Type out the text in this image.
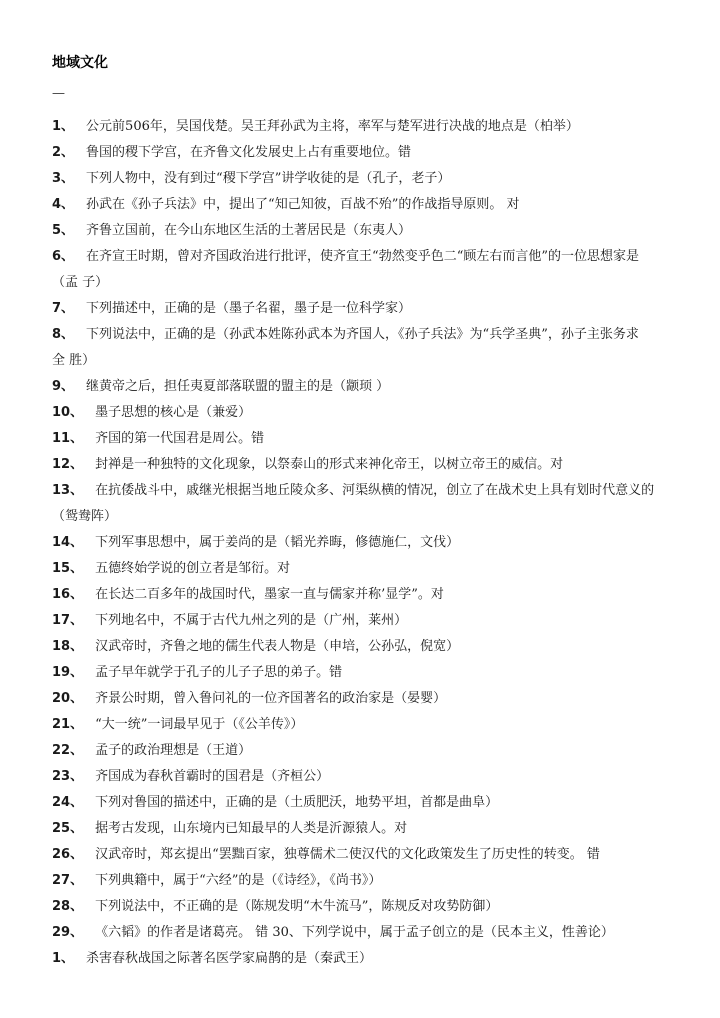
地域文化
—
1、 公元前506年，吴国伐楚。吴王拜孙武为主将，率军与楚军进行决战的地点是（柏举）
2、 鲁国的稷下学宫，在齐鲁文化发展史上占有重要地位。错
3、 下列人物中，没有到过“稷下学宫”讲学收徒的是（孔子，老子）
4、 孙武在《孙子兵法》中，提出了“知己知彼，百战不殆”的作战指导原则。 对
5、 齐鲁立国前，在今山东地区生活的土著居民是（东夷人）
6、 在齐宣王时期，曾对齐国政治进行批评，使齐宣王“勃然变乎色二“顾左右而言他”的一位思想家是
（孟 子）
7、 下列描述中，正确的是（墨子名翟，墨子是一位科学家）
8、 下列说法中，正确的是（孙武本姓陈孙武本为齐国人，《孙子兵法》为“兵学圣典”，孙子主张务求
全 胜）
9、 继黄帝之后，担任夷夏部落联盟的盟主的是（颛顼 ）
10、 墨子思想的核心是（兼爱）
11、 齐国的第一代国君是周公。错
12、 封禅是一种独特的文化现象，以祭泰山的形式来神化帝王，以树立帝王的威信。对
13、 在抗倭战斗中，戚继光根据当地丘陵众多、河渠纵横的情况，创立了在战术史上具有划时代意义的
（鸳鸯阵）
14、 下列军事思想中，属于姜尚的是（韬光养晦，修德施仁，文伐）
15、 五德终始学说的创立者是邹衍。对
16、 在长达二百多年的战国时代，墨家一直与儒家并称’显学”。对
17、 下列地名中，不属于古代九州之列的是（广州，莱州）
18、 汉武帝时，齐鲁之地的儒生代表人物是（申培，公孙弘，倪宽）
19、 孟子早年就学于孔子的儿子子思的弟子。错
20、 齐景公时期，曾入鲁问礼的一位齐国著名的政治家是（晏婴）
21、 “大一统”一词最早见于（《公羊传》）
22、 孟子的政治理想是（王道）
23、 齐国成为春秋首霸时的国君是（齐桓公）
24、 下列对鲁国的描述中，正确的是（土质肥沃，地势平坦，首都是曲阜）
25、 据考古发现，山东境内已知最早的人类是沂源猿人。对
26、 汉武帝时，郑玄提出“罢黜百家，独尊儒术二使汉代的文化政策发生了历史性的转变。 错
27、 下列典籍中，属于“六经”的是（《诗经》，《尚书》）
28、 下列说法中，不正确的是（陈规发明“木牛流马”，陈规反对攻势防御）
29、 《六韬》的作者是诸葛亮。 错 30、下列学说中，属于孟子创立的是（民本主义，性善论）
1、 杀害春秋战国之际著名医学家扁鹊的是（秦武王）
